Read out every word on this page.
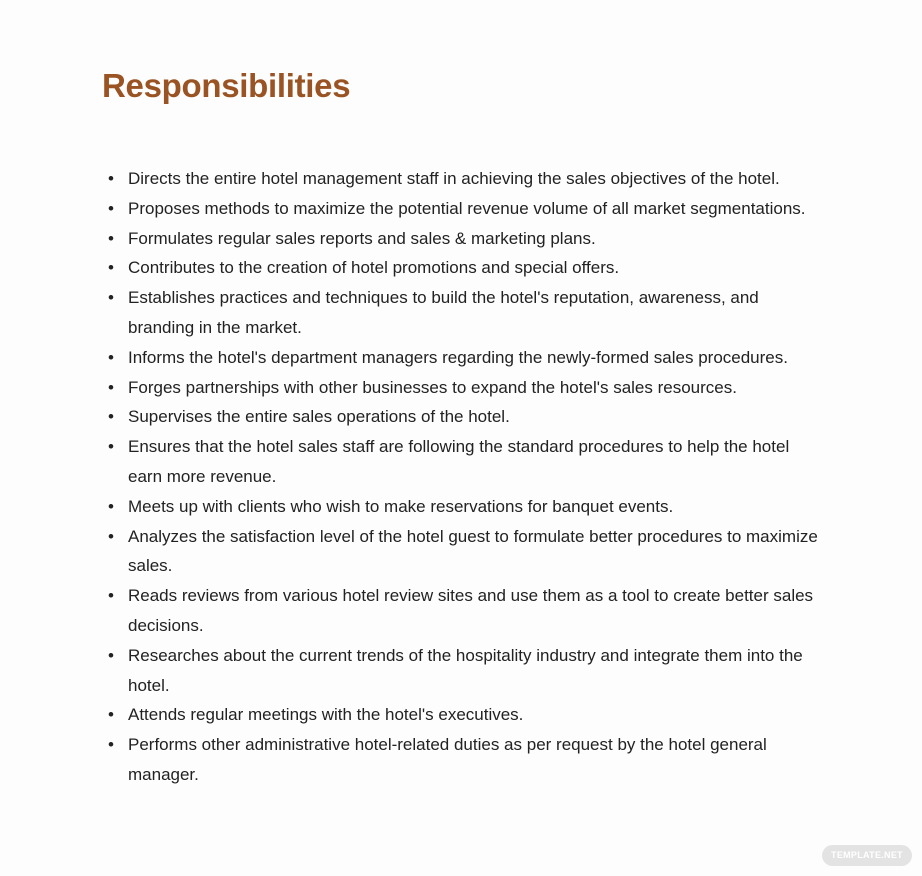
Responsibilities
• Directs the entire hotel management staff in achieving the sales objectives of the hotel.
• Proposes methods to maximize the potential revenue volume of all market segmentations.
• Formulates regular sales reports and sales & marketing plans.
• Contributes to the creation of hotel promotions and special offers.
• Establishes practices and techniques to build the hotel's reputation, awareness, and branding in the market.
• Informs the hotel's department managers regarding the newly-formed sales procedures.
• Forges partnerships with other businesses to expand the hotel's sales resources.
• Supervises the entire sales operations of the hotel.
• Ensures that the hotel sales staff are following the standard procedures to help the hotel earn more revenue.
• Meets up with clients who wish to make reservations for banquet events.
• Analyzes the satisfaction level of the hotel guest to formulate better procedures to maximize sales.
• Reads reviews from various hotel review sites and use them as a tool to create better sales decisions.
• Researches about the current trends of the hospitality industry and integrate them into the hotel.
• Attends regular meetings with the hotel's executives.
• Performs other administrative hotel-related duties as per request by the hotel general manager.
TEMPLATE.NET
